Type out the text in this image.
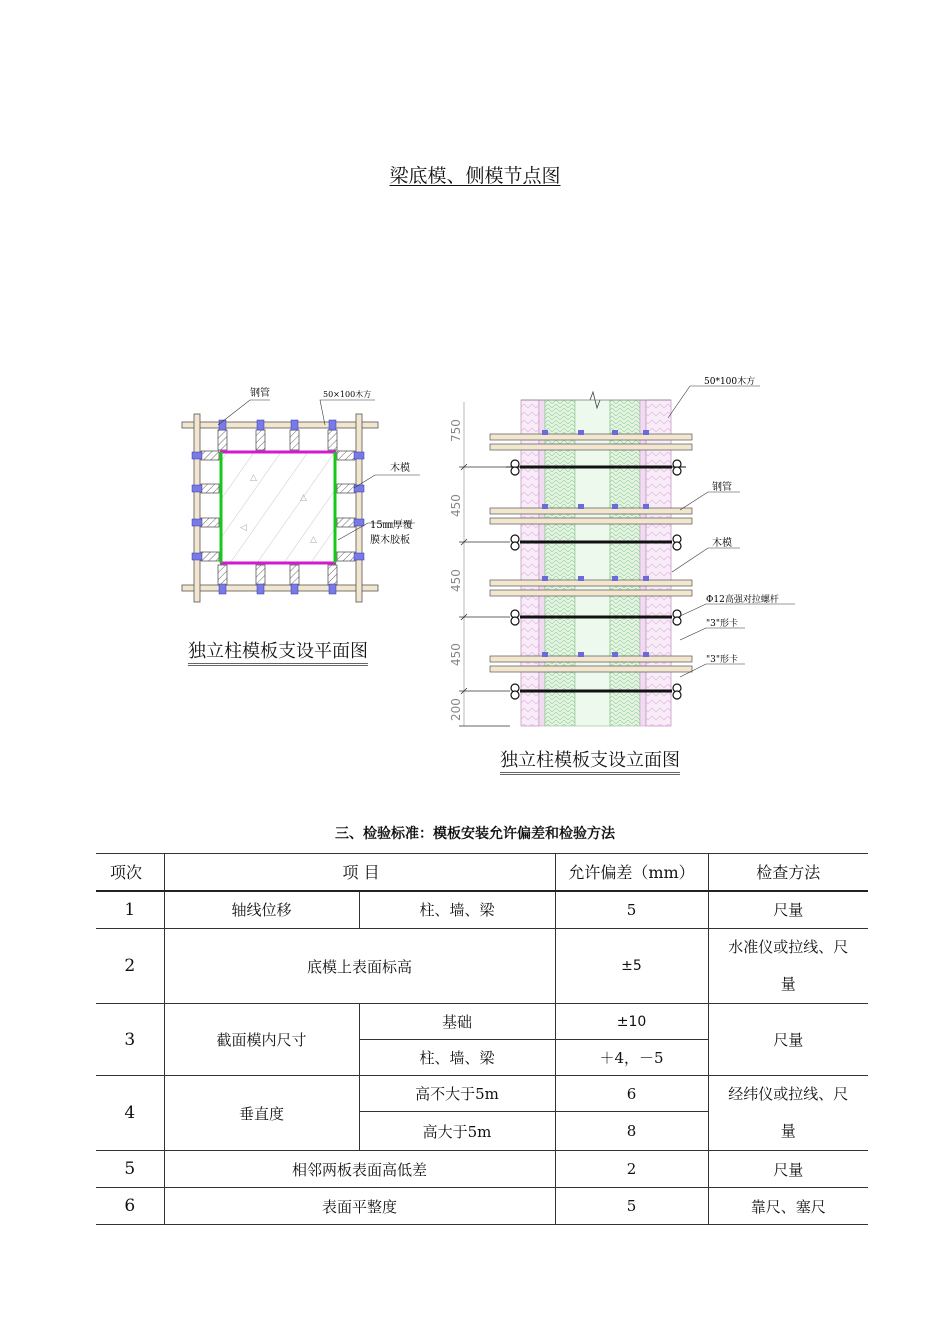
梁底模、侧模节点图
△
△
◁
△
钢管	50×100木方
木模
15㎜厚覆
膜木胶板
独立柱模板支设平面图
750
450
450
450
200
50*100木方
钢管
木模
Φ12高强对拉螺杆
"3"形卡
"3"形卡
独立柱模板支设立面图
三、检验标准：模板安装允许偏差和检验方法
项次	项 目		允许偏差（mm）	检查方法
1	轴线位移	柱、墙、梁	5	尺量
2	底模上表面标高		±5	水准仪或拉线、尺
量
3	截面模内尺寸	基础	±10	尺量
		柱、墙、梁	＋4，－5	
4	垂直度	高不大于5m	6	经纬仪或拉线、尺
量
		高大于5m	8	
5	相邻两板表面高低差		2	尺量
6	表面平整度		5	靠尺、塞尺
